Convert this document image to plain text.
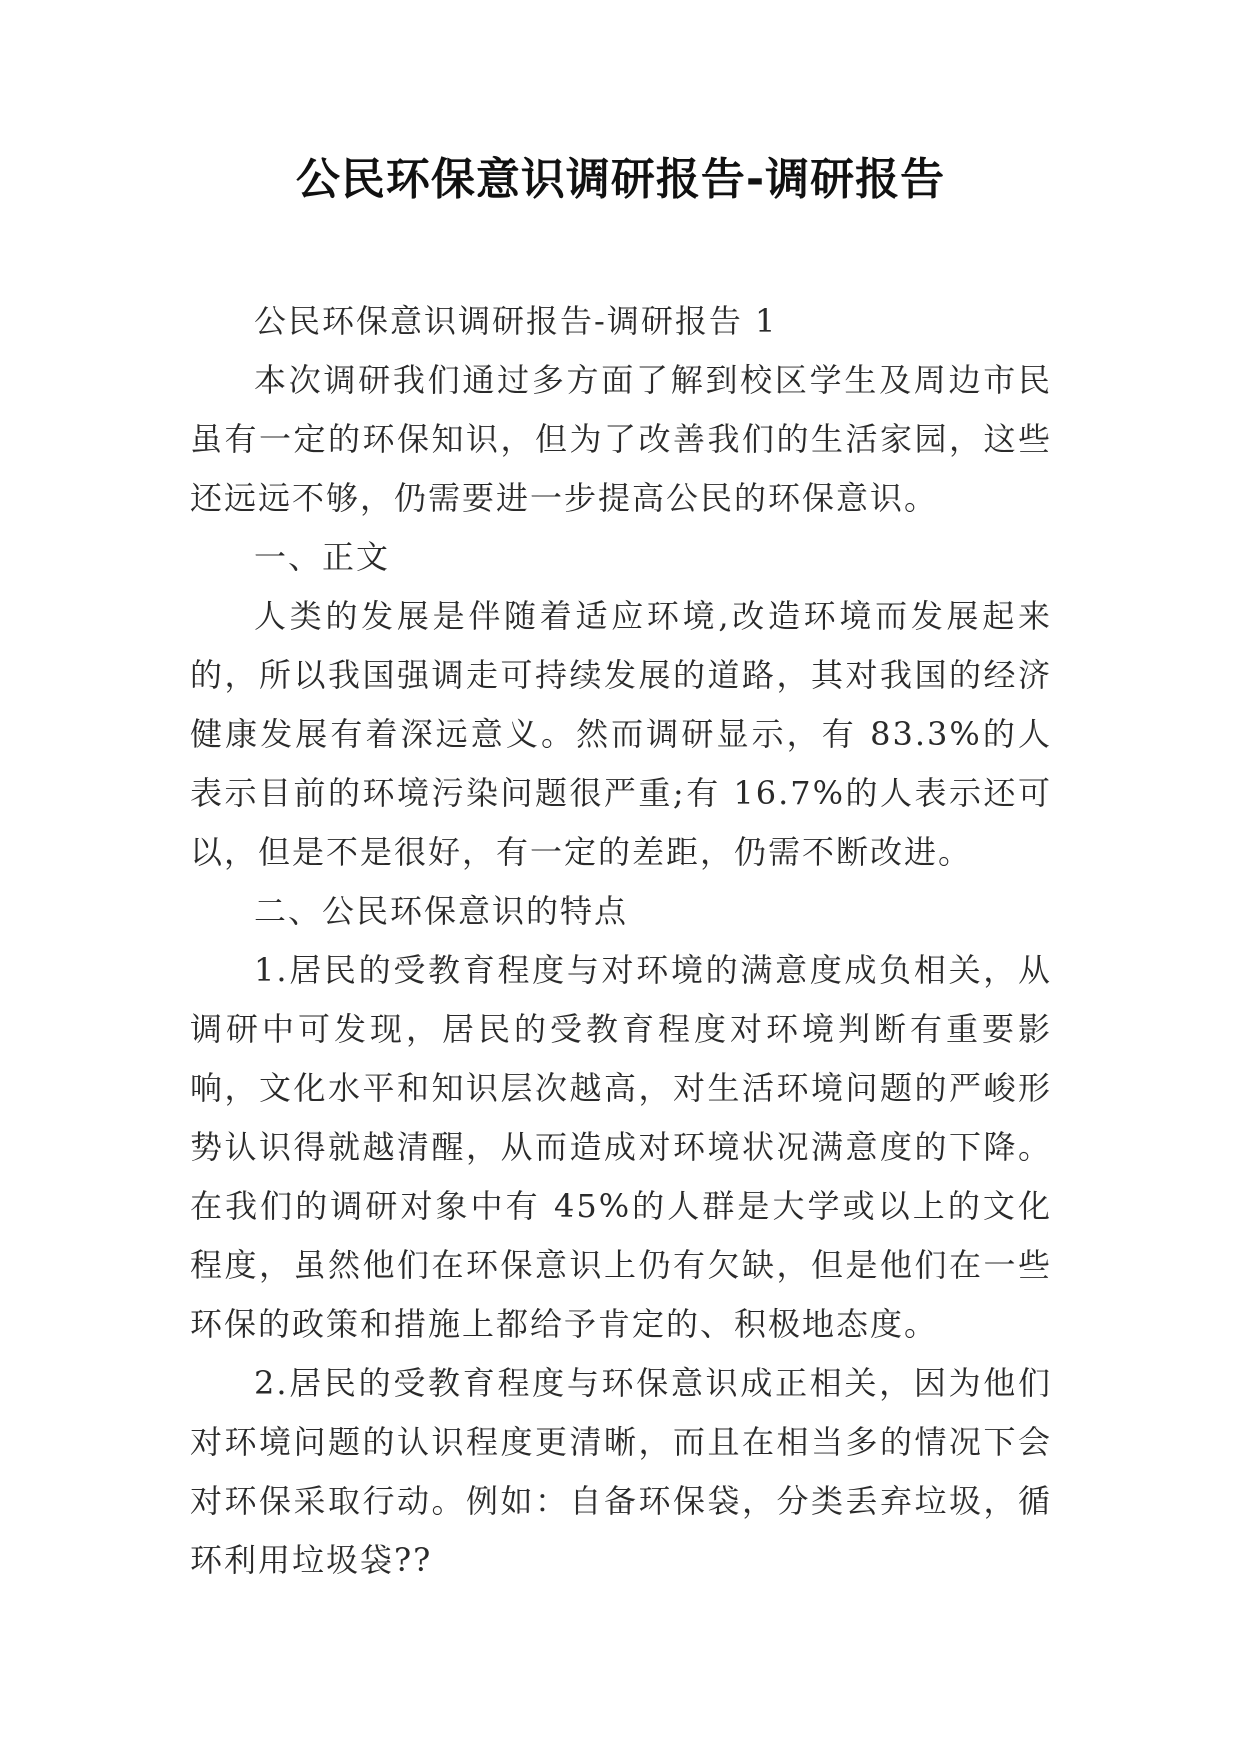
公民环保意识调研报告-调研报告

公民环保意识调研报告-调研报告 1

本次调研我们通过多方面了解到校区学生及周边市民虽有一定的环保知识，但为了改善我们的生活家园，这些还远远不够，仍需要进一步提高公民的环保意识。

一、正文

人类的发展是伴随着适应环境,改造环境而发展起来的，所以我国强调走可持续发展的道路，其对我国的经济健康发展有着深远意义。然而调研显示，有 83.3%的人表示目前的环境污染问题很严重;有 16.7%的人表示还可以，但是不是很好，有一定的差距，仍需不断改进。

二、公民环保意识的特点

1.居民的受教育程度与对环境的满意度成负相关，从调研中可发现，居民的受教育程度对环境判断有重要影响，文化水平和知识层次越高，对生活环境问题的严峻形势认识得就越清醒，从而造成对环境状况满意度的下降。在我们的调研对象中有 45%的人群是大学或以上的文化程度，虽然他们在环保意识上仍有欠缺，但是他们在一些环保的政策和措施上都给予肯定的、积极地态度。

2.居民的受教育程度与环保意识成正相关，因为他们对环境问题的认识程度更清晰，而且在相当多的情况下会对环保采取行动。例如：自备环保袋，分类丢弃垃圾，循环利用垃圾袋??
